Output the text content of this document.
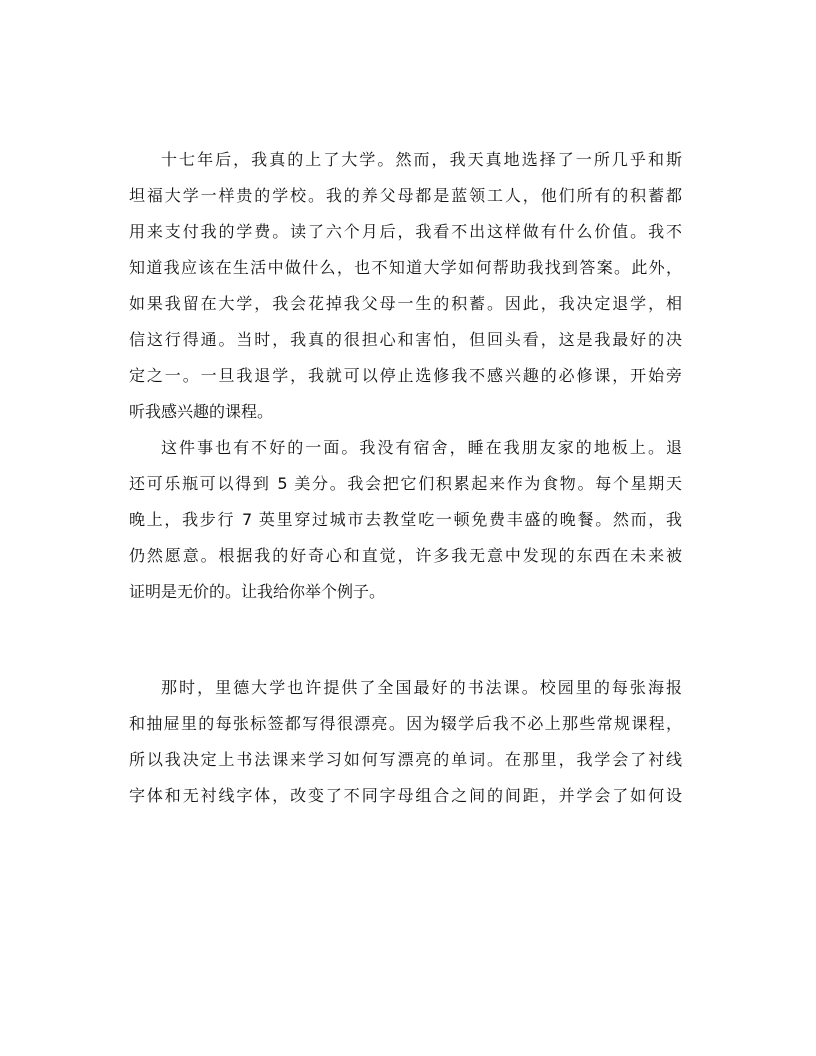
十七年后，我真的上了大学。然而，我天真地选择了一所几乎和斯
坦福大学一样贵的学校。我的养父母都是蓝领工人，他们所有的积蓄都
用来支付我的学费。读了六个月后，我看不出这样做有什么价值。我不
知道我应该在生活中做什么，也不知道大学如何帮助我找到答案。此外，
如果我留在大学，我会花掉我父母一生的积蓄。因此，我决定退学，相
信这行得通。当时，我真的很担心和害怕，但回头看，这是我最好的决
定之一。一旦我退学，我就可以停止选修我不感兴趣的必修课，开始旁
听我感兴趣的课程。
这件事也有不好的一面。我没有宿舍，睡在我朋友家的地板上。退
还可乐瓶可以得到 5 美分。我会把它们积累起来作为食物。每个星期天
晚上，我步行 7 英里穿过城市去教堂吃一顿免费丰盛的晚餐。然而，我
仍然愿意。根据我的好奇心和直觉，许多我无意中发现的东西在未来被
证明是无价的。让我给你举个例子。
那时，里德大学也许提供了全国最好的书法课。校园里的每张海报
和抽屉里的每张标签都写得很漂亮。因为辍学后我不必上那些常规课程，
所以我决定上书法课来学习如何写漂亮的单词。在那里，我学会了衬线
字体和无衬线字体，改变了不同字母组合之间的间距，并学会了如何设
